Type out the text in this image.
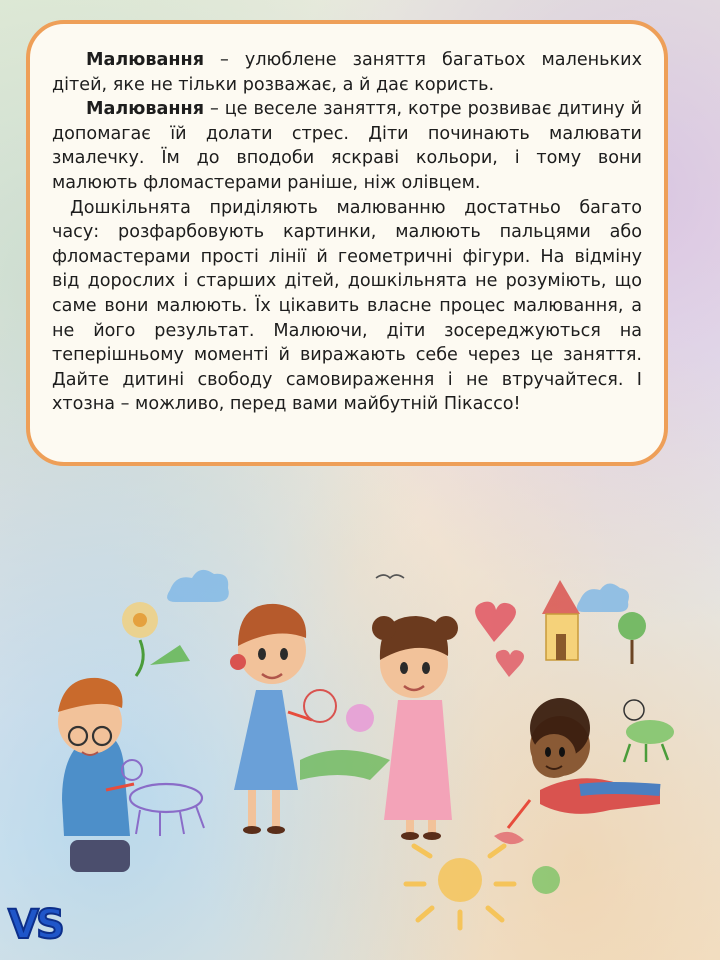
Малювання – улюблене заняття багатьох маленьких дітей, яке не тільки розважає, а й дає користь.

Малювання – це веселе заняття, котре розвиває дитину й допомагає їй долати стрес. Діти починають малювати змалечку. Їм до вподоби яскраві кольори, і тому вони малюють фломастерами раніше, ніж олівцем.

Дошкільнята приділяють малюванню достатньо багато часу: розфарбовують картинки, малюють пальцями або фломастерами прості лінії й геометричні фігури. На відміну від дорослих і старших дітей, дошкільнята не розуміють, що саме вони малюють. Їх цікавить власне процес малювання, а не його результат. Малюючи, діти зосереджуються на теперішньому моменті й виражають себе через це заняття. Дайте дитині свободу самовираження і не втручайтеся. І хтозна – можливо, перед вами майбутній Пікассо!

VS
